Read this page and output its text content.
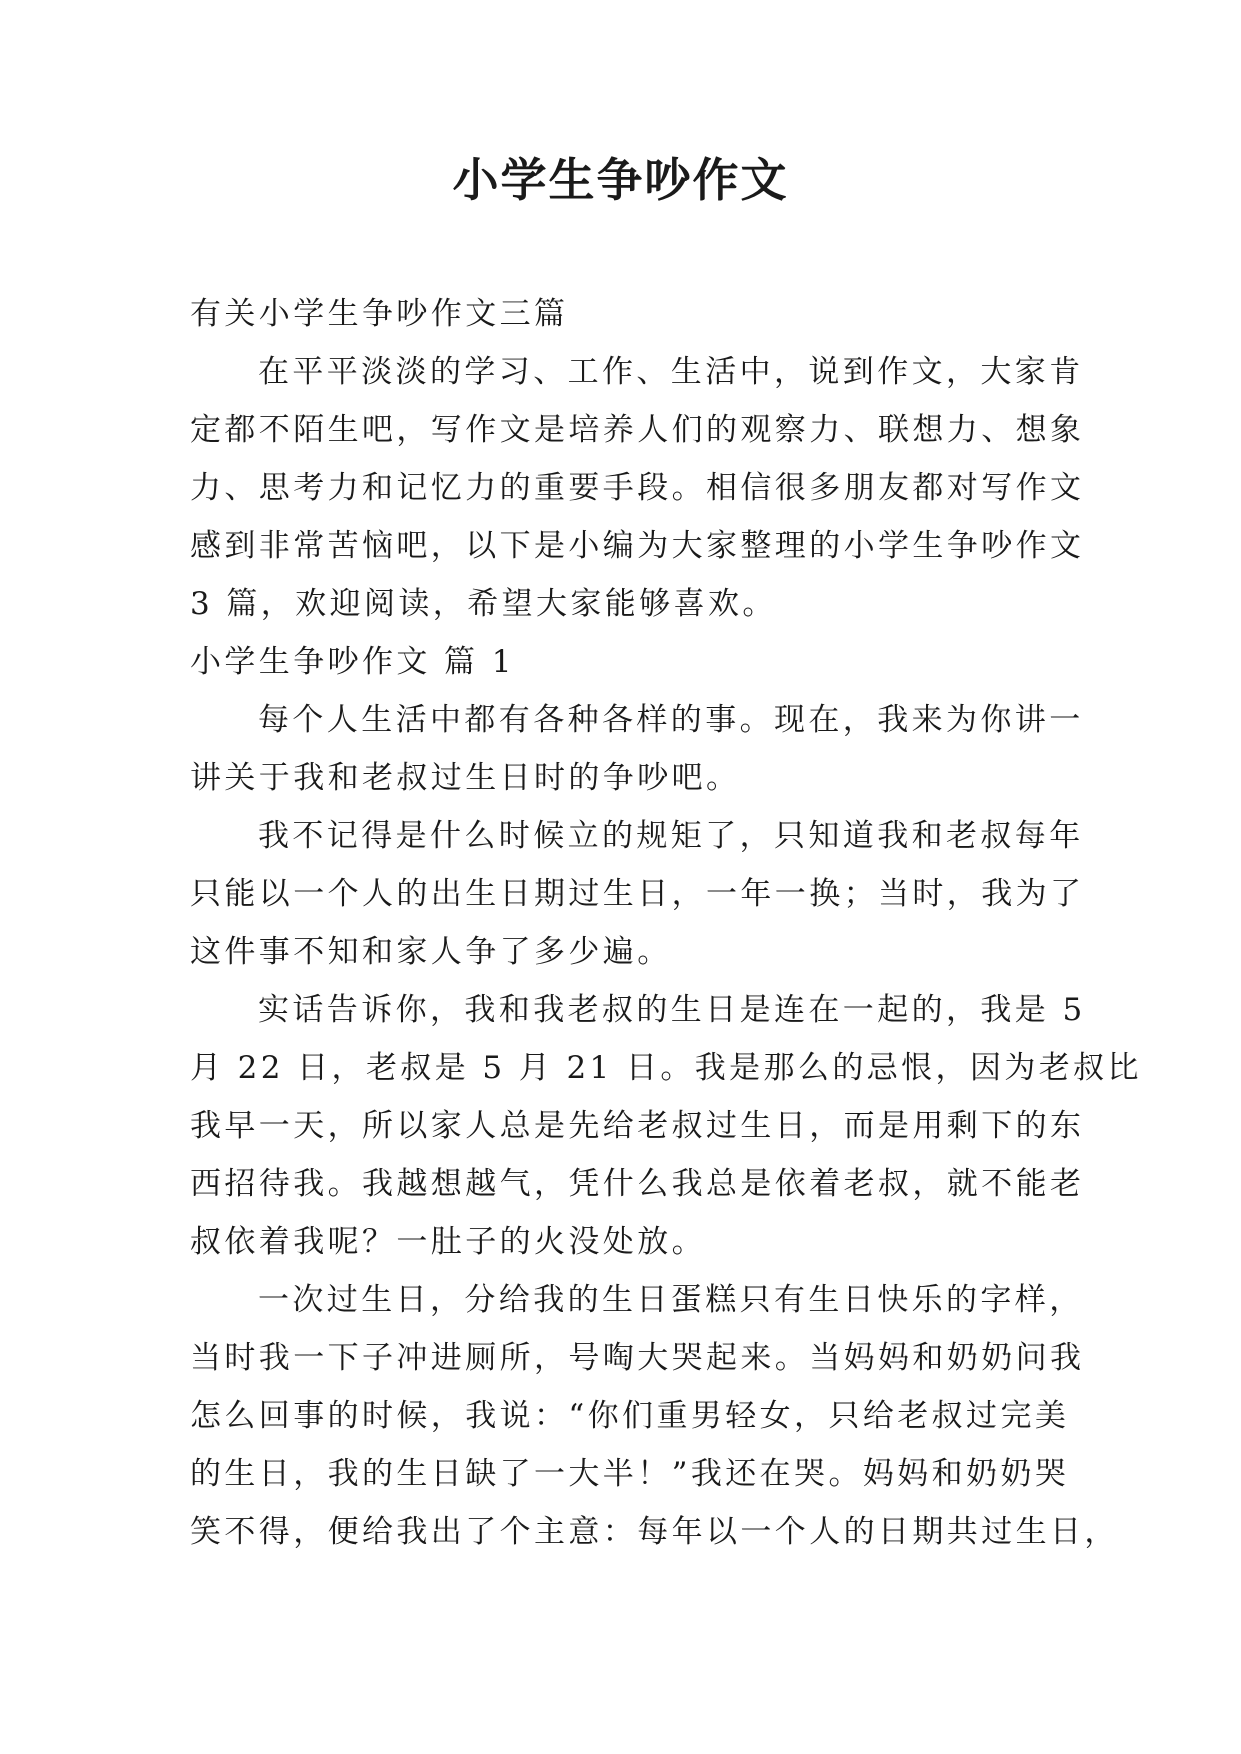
小学生争吵作文
有关小学生争吵作文三篇
在平平淡淡的学习、工作、生活中，说到作文，大家肯
定都不陌生吧，写作文是培养人们的观察力、联想力、想象
力、思考力和记忆力的重要手段。相信很多朋友都对写作文
感到非常苦恼吧，以下是小编为大家整理的小学生争吵作文
3 篇，欢迎阅读，希望大家能够喜欢。
小学生争吵作文 篇 1
每个人生活中都有各种各样的事。现在，我来为你讲一
讲关于我和老叔过生日时的争吵吧。
我不记得是什么时候立的规矩了，只知道我和老叔每年
只能以一个人的出生日期过生日，一年一换；当时，我为了
这件事不知和家人争了多少遍。
实话告诉你，我和我老叔的生日是连在一起的，我是 5
月 22 日，老叔是 5 月 21 日。我是那么的忌恨，因为老叔比
我早一天，所以家人总是先给老叔过生日，而是用剩下的东
西招待我。我越想越气，凭什么我总是依着老叔，就不能老
叔依着我呢？一肚子的火没处放。
一次过生日，分给我的生日蛋糕只有生日快乐的字样，
当时我一下子冲进厕所，号啕大哭起来。当妈妈和奶奶问我
怎么回事的时候，我说：“你们重男轻女，只给老叔过完美
的生日，我的生日缺了一大半！”我还在哭。妈妈和奶奶哭
笑不得，便给我出了个主意：每年以一个人的日期共过生日，
